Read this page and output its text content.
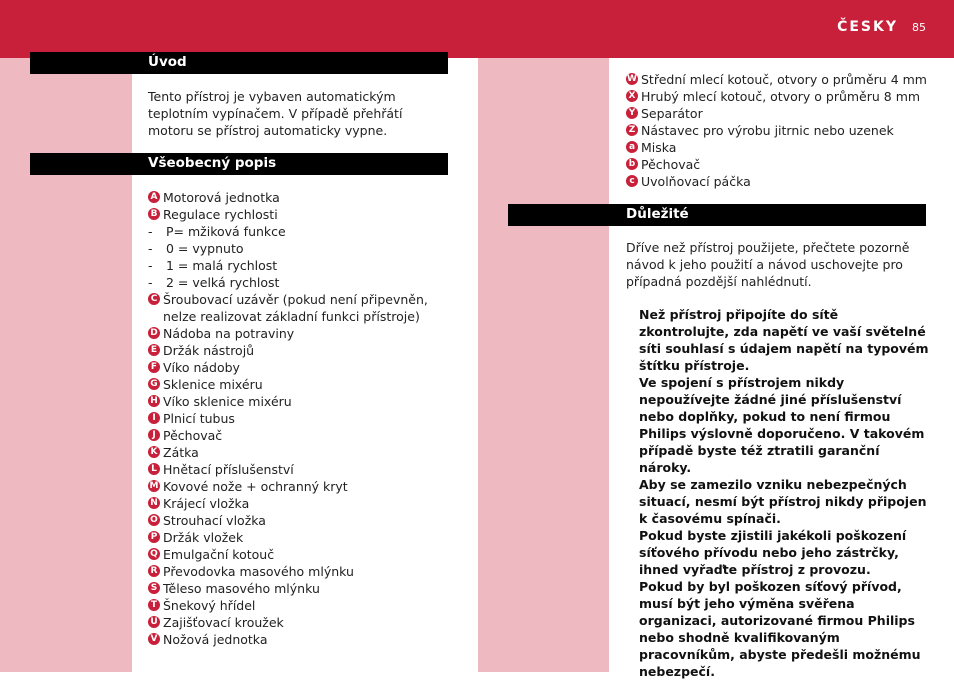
ČESKY 85
Úvod
Tento přístroj je vybaven automatickým teplotním vypínačem. V případě přehřátí motoru se přístroj automaticky vypne.
Všeobecný popis
A Motorová jednotka
B Regulace rychlosti
-	P= mžiková funkce
-	0 = vypnuto
-	1 = malá rychlost
-	2 = velká rychlost
C Šroubovací uzávěr (pokud není připevněn, nelze realizovat základní funkci přístroje)
D Nádoba na potraviny
E Držák nástrojů
F Víko nádoby
G Sklenice mixéru
H Víko sklenice mixéru
I Plnicí tubus
J Pěchovač
K Zátka
L Hnětací příslušenství
M Kovové nože + ochranný kryt
N Krájecí vložka
O Strouhací vložka
P Držák vložek
Q Emulgační kotouč
R Převodovka masového mlýnku
S Těleso masového mlýnku
T Šnekový hřídel
U Zajišťovací kroužek
V Nožová jednotka
W Střední mlecí kotouč, otvory o průměru 4 mm
X Hrubý mlecí kotouč, otvory o průměru 8 mm
Y Separátor
Z Nástavec pro výrobu jitrnic nebo uzenek
a Miska
b Pěchovač
c Uvolňovací páčka
Důležité
Dříve než přístroj použijete, přečtete pozorně návod k jeho použití a návod uschovejte pro případná pozdější nahlédnutí.
Než přístroj připojíte do sítě zkontrolujte, zda napětí ve vaší světelné síti souhlasí s údajem napětí na typovém štítku přístroje.
Ve spojení s přístrojem nikdy nepoužívejte žádné jiné příslušenství nebo doplňky, pokud to není firmou Philips výslovně doporučeno. V takovém případě byste též ztratili garanční nároky.
Aby se zamezilo vzniku nebezpečných situací, nesmí být přístroj nikdy připojen k časovému spínači.
Pokud byste zjistili jakékoli poškození síťového přívodu nebo jeho zástrčky, ihned vyřaďte přístroj z provozu.
Pokud by byl poškozen síťový přívod, musí být jeho výměna svěřena organizaci, autorizované firmou Philips nebo shodně kvalifikovaným pracovníkům, abyste předešli možnému nebezpečí.
